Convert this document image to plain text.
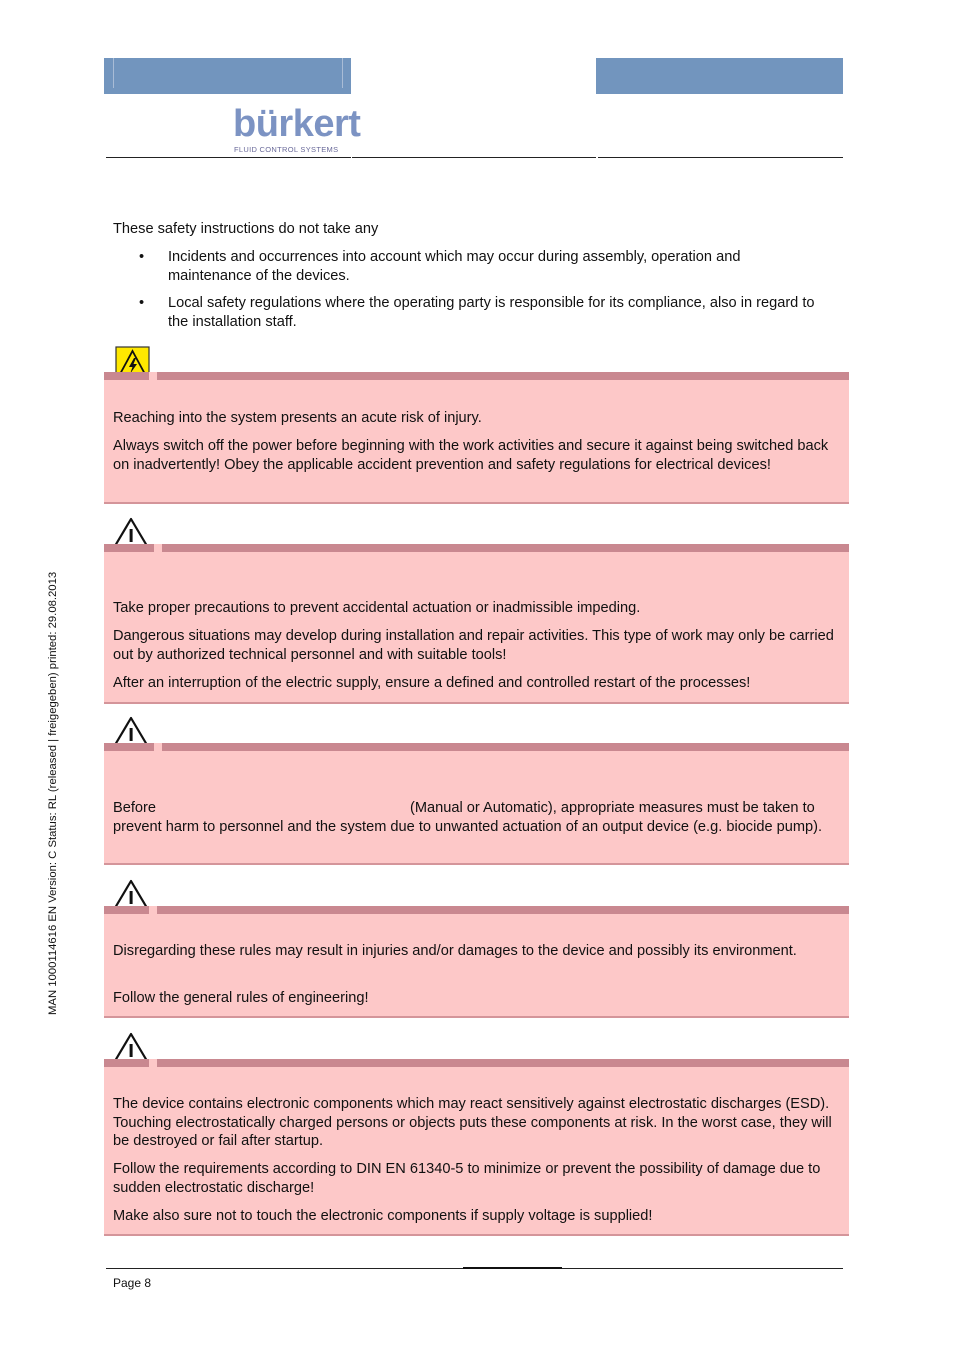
bürkert
FLUID CONTROL SYSTEMS
These safety instructions do not take any
• Incidents and occurrences into account which may occur during assembly, operation and maintenance of the devices.
• Local safety regulations where the operating party is responsible for its compliance, also in regard to the installation staff.

Reaching into the system presents an acute risk of injury.

Always switch off the power before beginning with the work activities and secure it against being switched back on inadvertently! Obey the applicable accident prevention and safety regulations for electrical devices!

Take proper precautions to prevent accidental actuation or inadmissible impeding.

Dangerous situations may develop during installation and repair activities. This type of work may only be carried out by authorized technical personnel and with suitable tools!

After an interruption of the electric supply, ensure a defined and controlled restart of the processes!

Before	(Manual or Automatic), appropriate measures must be taken to prevent harm to personnel and the system due to unwanted actuation of an output device (e.g. biocide pump).

Disregarding these rules may result in injuries and/or damages to the device and possibly its environment.

Follow the general rules of engineering!

The device contains electronic components which may react sensitively against electrostatic discharges (ESD). Touching electrostatically charged persons or objects puts these components at risk. In the worst case, they will be destroyed or fail after startup.

Follow the requirements according to DIN EN 61340-5 to minimize or prevent the possibility of damage due to sudden electrostatic discharge!

Make also sure not to touch the electronic components if supply voltage is supplied!

MAN 1000114616 EN Version: C Status: RL (released | freigegeben) printed: 29.08.2013
Page 8
